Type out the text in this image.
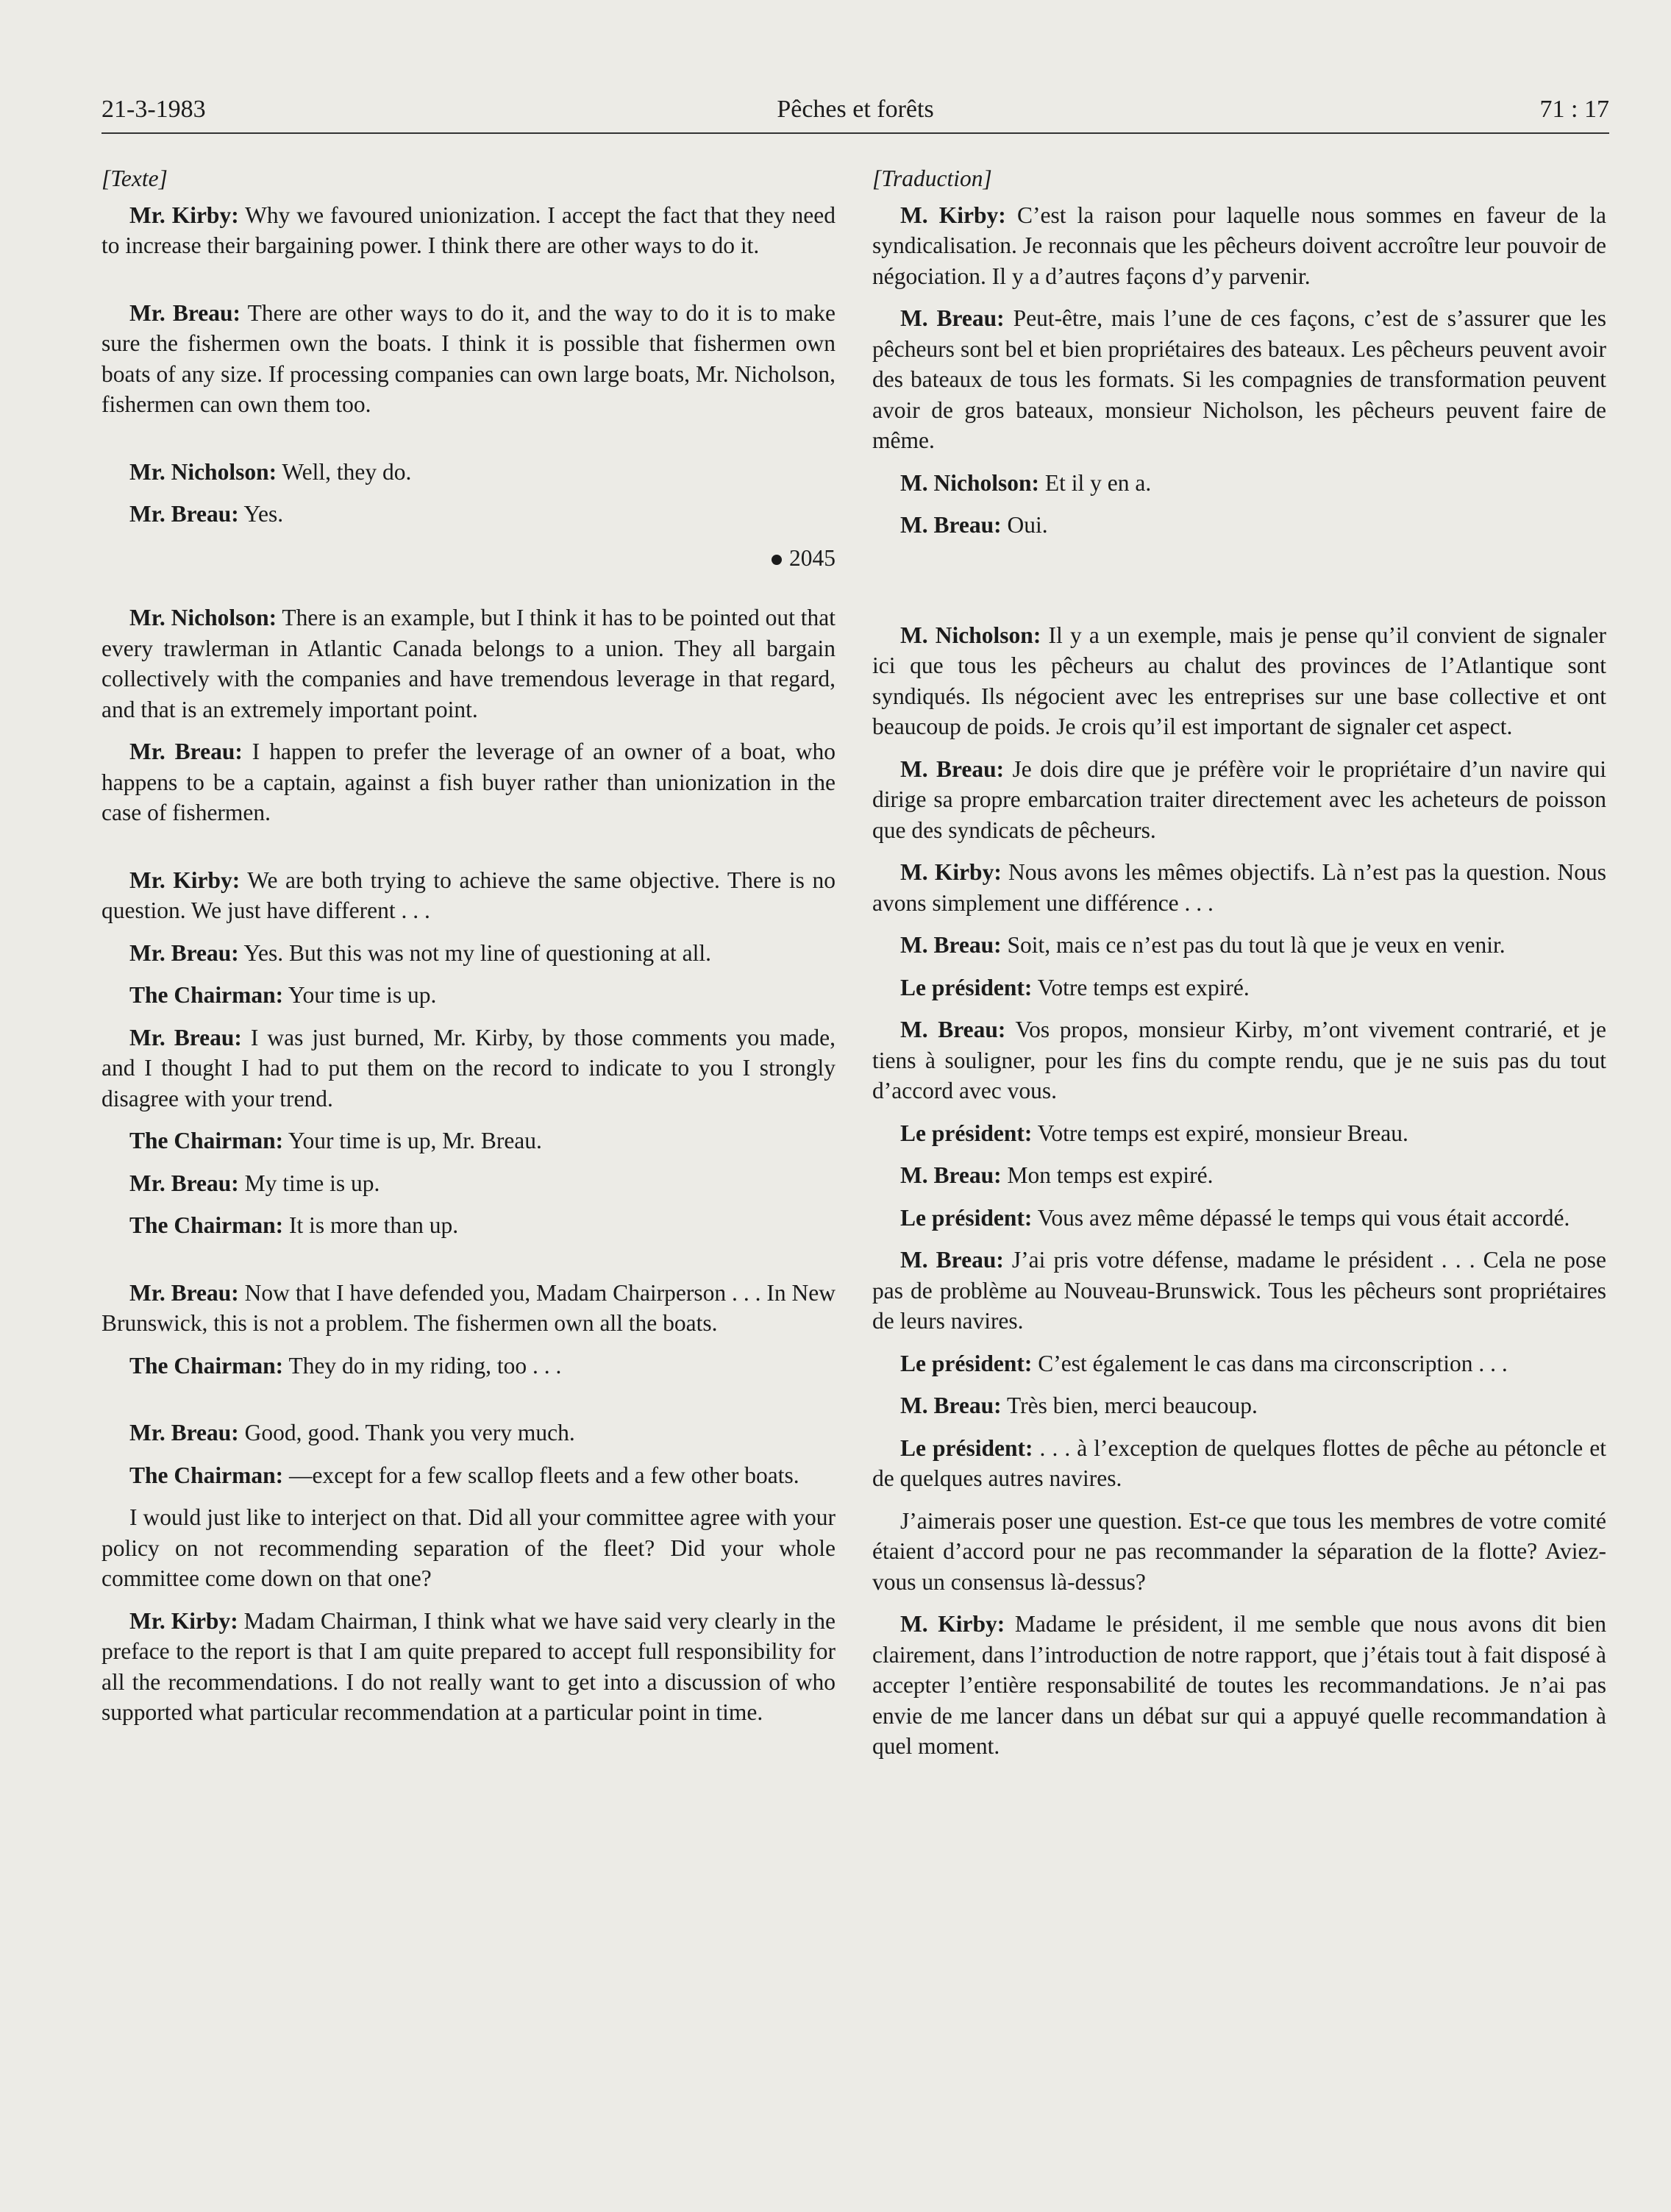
21-3-1983	Pêches et forêts	71 : 17

[Texte]

Mr. Kirby: Why we favoured unionization. I accept the fact that they need to increase their bargaining power. I think there are other ways to do it.

Mr. Breau: There are other ways to do it, and the way to do it is to make sure the fishermen own the boats. I think it is possible that fishermen own boats of any size. If processing companies can own large boats, Mr. Nicholson, fishermen can own them too.

Mr. Nicholson: Well, they do.

Mr. Breau: Yes.

2045

Mr. Nicholson: There is an example, but I think it has to be pointed out that every trawlerman in Atlantic Canada belongs to a union. They all bargain collectively with the companies and have tremendous leverage in that regard, and that is an extremely important point.

Mr. Breau: I happen to prefer the leverage of an owner of a boat, who happens to be a captain, against a fish buyer rather than unionization in the case of fishermen.

Mr. Kirby: We are both trying to achieve the same objective. There is no question. We just have different . . .

Mr. Breau: Yes. But this was not my line of questioning at all.

The Chairman: Your time is up.

Mr. Breau: I was just burned, Mr. Kirby, by those comments you made, and I thought I had to put them on the record to indicate to you I strongly disagree with your trend.

The Chairman: Your time is up, Mr. Breau.

Mr. Breau: My time is up.

The Chairman: It is more than up.

Mr. Breau: Now that I have defended you, Madam Chairperson . . . In New Brunswick, this is not a problem. The fishermen own all the boats.

The Chairman: They do in my riding, too . . .

Mr. Breau: Good, good. Thank you very much.

The Chairman: —except for a few scallop fleets and a few other boats.

I would just like to interject on that. Did all your committee agree with your policy on not recommending separation of the fleet? Did your whole committee come down on that one?

Mr. Kirby: Madam Chairman, I think what we have said very clearly in the preface to the report is that I am quite prepared to accept full responsibility for all the recommendations. I do not really want to get into a discussion of who supported what particular recommendation at a particular point in time.

[Traduction]

M. Kirby: C’est la raison pour laquelle nous sommes en faveur de la syndicalisation. Je reconnais que les pêcheurs doivent accroître leur pouvoir de négociation. Il y a d’autres façons d’y parvenir.

M. Breau: Peut-être, mais l’une de ces façons, c’est de s’assurer que les pêcheurs sont bel et bien propriétaires des bateaux. Les pêcheurs peuvent avoir des bateaux de tous les formats. Si les compagnies de transformation peuvent avoir de gros bateaux, monsieur Nicholson, les pêcheurs peuvent faire de même.

M. Nicholson: Et il y en a.

M. Breau: Oui.

M. Nicholson: Il y a un exemple, mais je pense qu’il convient de signaler ici que tous les pêcheurs au chalut des provinces de l’Atlantique sont syndiqués. Ils négocient avec les entreprises sur une base collective et ont beaucoup de poids. Je crois qu’il est important de signaler cet aspect.

M. Breau: Je dois dire que je préfère voir le propriétaire d’un navire qui dirige sa propre embarcation traiter directement avec les acheteurs de poisson que des syndicats de pêcheurs.

M. Kirby: Nous avons les mêmes objectifs. Là n’est pas la question. Nous avons simplement une différence . . .

M. Breau: Soit, mais ce n’est pas du tout là que je veux en venir.

Le président: Votre temps est expiré.

M. Breau: Vos propos, monsieur Kirby, m’ont vivement contrarié, et je tiens à souligner, pour les fins du compte rendu, que je ne suis pas du tout d’accord avec vous.

Le président: Votre temps est expiré, monsieur Breau.

M. Breau: Mon temps est expiré.

Le président: Vous avez même dépassé le temps qui vous était accordé.

M. Breau: J’ai pris votre défense, madame le président . . . Cela ne pose pas de problème au Nouveau-Brunswick. Tous les pêcheurs sont propriétaires de leurs navires.

Le président: C’est également le cas dans ma circonscription . . .

M. Breau: Très bien, merci beaucoup.

Le président: . . . à l’exception de quelques flottes de pêche au pétoncle et de quelques autres navires.

J’aimerais poser une question. Est-ce que tous les membres de votre comité étaient d’accord pour ne pas recommander la séparation de la flotte? Aviez-vous un consensus là-dessus?

M. Kirby: Madame le président, il me semble que nous avons dit bien clairement, dans l’introduction de notre rapport, que j’étais tout à fait disposé à accepter l’entière responsabilité de toutes les recommandations. Je n’ai pas envie de me lancer dans un débat sur qui a appuyé quelle recommandation à quel moment.
